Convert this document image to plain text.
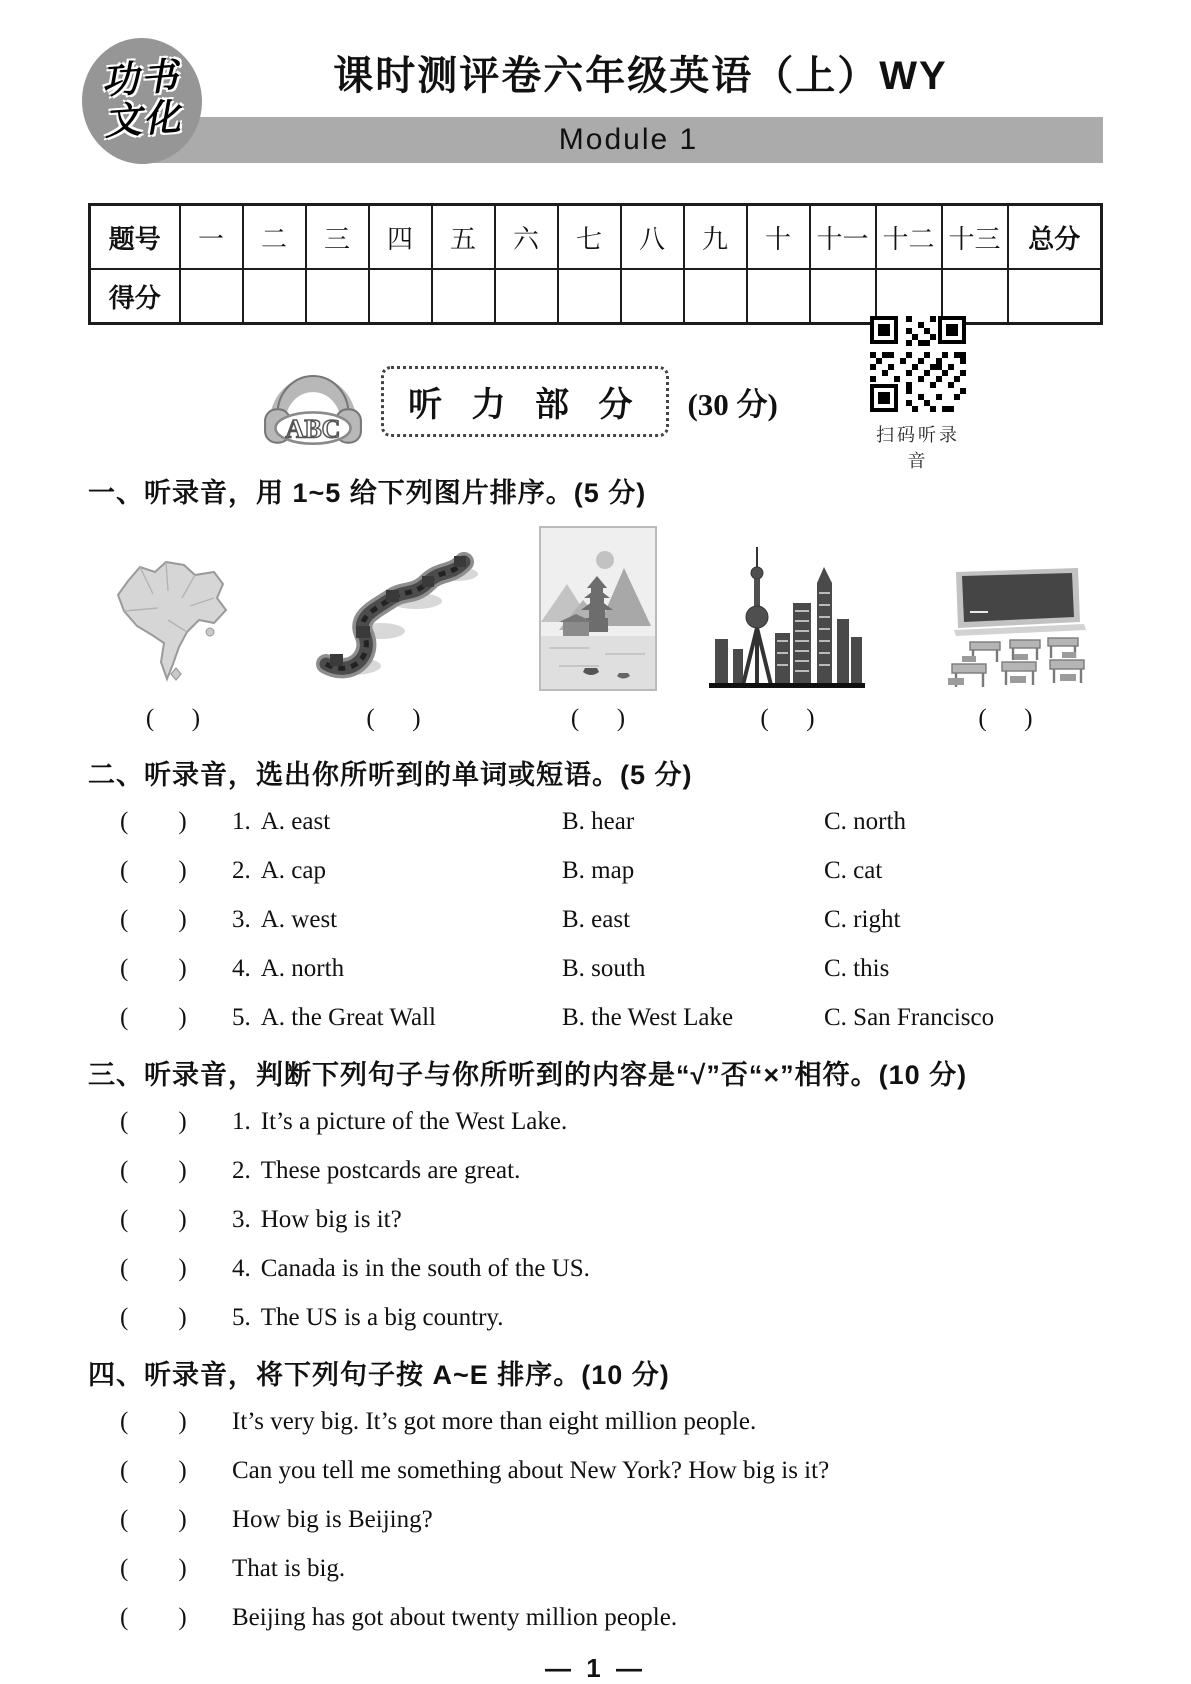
功书
文化
课时测评卷六年级英语（上）WY
Module 1
题号	一	二	三	四	五	六	七	八	九	十	十一	十二	十三	总分
得分														
ABC
听 力 部 分	(30 分)
扫码听录音
一、听录音，用 1~5 给下列图片排序。(5 分)
(      )	(      )	(      )	(      )	(      )
二、听录音，选出你所听到的单词或短语。(5 分)
(        )	1. A. east	B. hear	C. north
(        )	2. A. cap	B. map	C. cat
(        )	3. A. west	B. east	C. right
(        )	4. A. north	B. south	C. this
(        )	5. A. the Great Wall	B. the West Lake	C. San Francisco
三、听录音，判断下列句子与你所听到的内容是“√”否“×”相符。(10 分)
(        )	1. It’s a picture of the West Lake.
(        )	2. These postcards are great.
(        )	3. How big is it?
(        )	4. Canada is in the south of the US.
(        )	5. The US is a big country.
四、听录音，将下列句子按 A~E 排序。(10 分)
(        )	It’s very big. It’s got more than eight million people.
(        )	Can you tell me something about New York? How big is it?
(        )	How big is Beijing?
(        )	That is big.
(        )	Beijing has got about twenty million people.
— 1 —
